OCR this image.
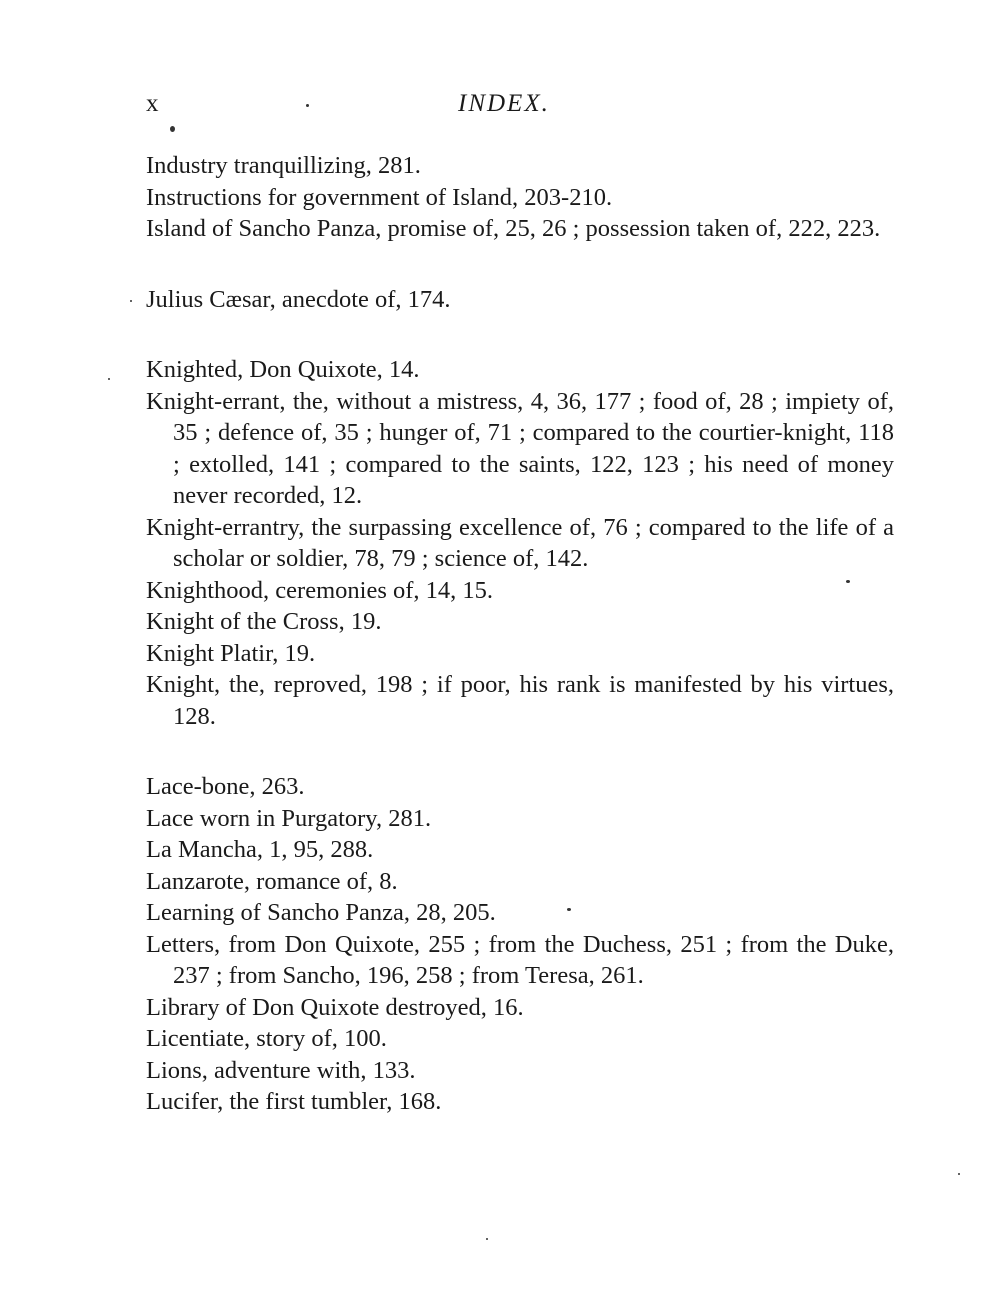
x	INDEX.

Industry tranquillizing, 281.

Instructions for government of Island, 203-210.

Island of Sancho Panza, promise of, 25, 26 ; possession taken of, 222, 223.

Julius Cæsar, anecdote of, 174.

Knighted, Don Quixote, 14.

Knight-errant, the, without a mistress, 4, 36, 177 ; food of, 28 ; impiety of, 35 ; defence of, 35 ; hunger of, 71 ; compared to the courtier-knight, 118 ; extolled, 141 ; compared to the saints, 122, 123 ; his need of money never recorded, 12.

Knight-errantry, the surpassing excellence of, 76 ; compared to the life of a scholar or soldier, 78, 79 ; science of, 142.

Knighthood, ceremonies of, 14, 15.

Knight of the Cross, 19.

Knight Platir, 19.

Knight, the, reproved, 198 ; if poor, his rank is manifested by his virtues, 128.

Lace-bone, 263.

Lace worn in Purgatory, 281.

La Mancha, 1, 95, 288.

Lanzarote, romance of, 8.

Learning of Sancho Panza, 28, 205.

Letters, from Don Quixote, 255 ; from the Duchess, 251 ; from the Duke, 237 ; from Sancho, 196, 258 ; from Teresa, 261.

Library of Don Quixote destroyed, 16.

Licentiate, story of, 100.

Lions, adventure with, 133.

Lucifer, the first tumbler, 168.
